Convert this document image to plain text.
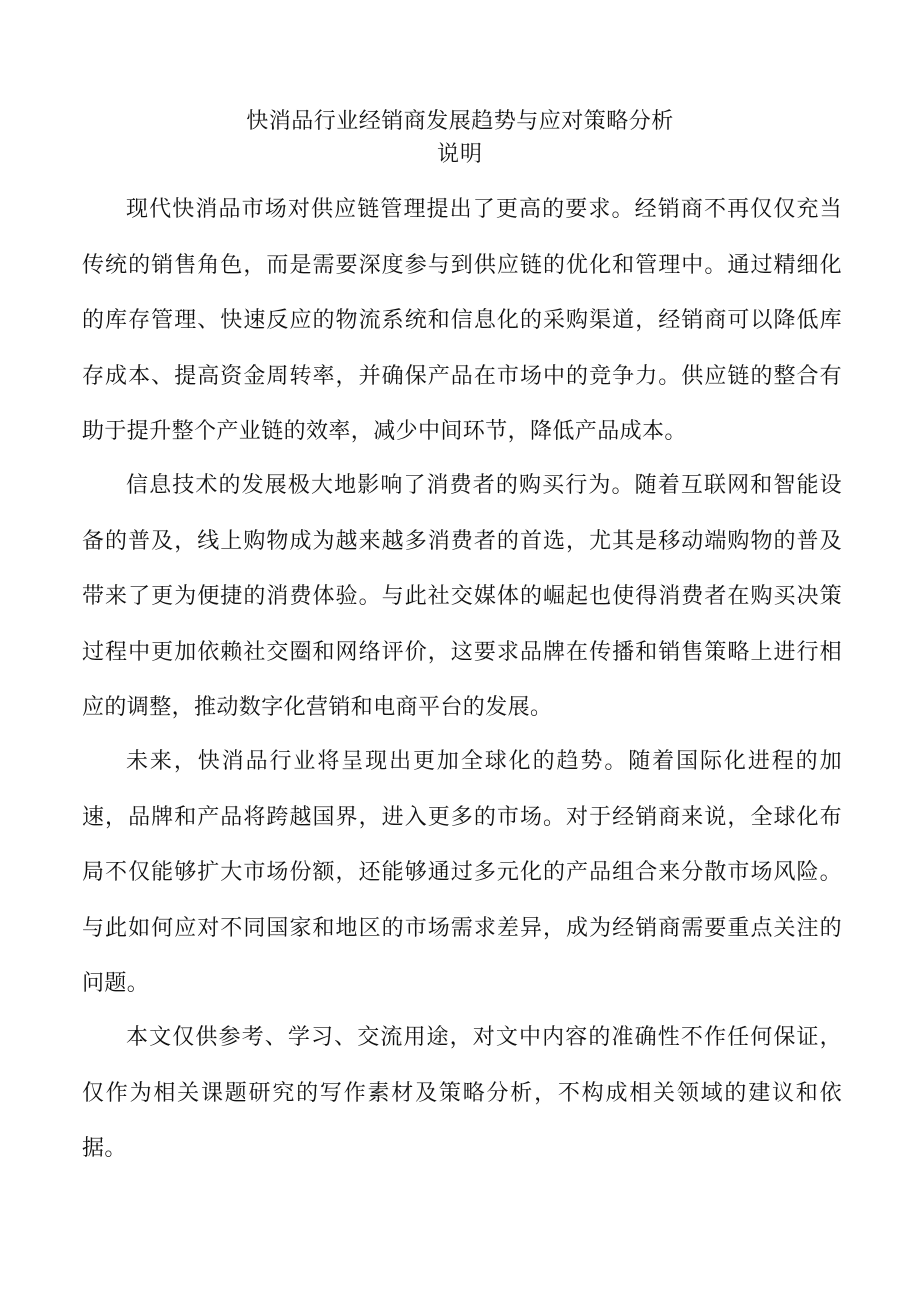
快消品行业经销商发展趋势与应对策略分析
说明

现代快消品市场对供应链管理提出了更高的要求。经销商不再仅仅充当传统的销售角色，而是需要深度参与到供应链的优化和管理中。通过精细化的库存管理、快速反应的物流系统和信息化的采购渠道，经销商可以降低库存成本、提高资金周转率，并确保产品在市场中的竞争力。供应链的整合有助于提升整个产业链的效率，减少中间环节，降低产品成本。

信息技术的发展极大地影响了消费者的购买行为。随着互联网和智能设备的普及，线上购物成为越来越多消费者的首选，尤其是移动端购物的普及带来了更为便捷的消费体验。与此社交媒体的崛起也使得消费者在购买决策过程中更加依赖社交圈和网络评价，这要求品牌在传播和销售策略上进行相应的调整，推动数字化营销和电商平台的发展。

未来，快消品行业将呈现出更加全球化的趋势。随着国际化进程的加速，品牌和产品将跨越国界，进入更多的市场。对于经销商来说，全球化布局不仅能够扩大市场份额，还能够通过多元化的产品组合来分散市场风险。与此如何应对不同国家和地区的市场需求差异，成为经销商需要重点关注的问题。

本文仅供参考、学习、交流用途，对文中内容的准确性不作任何保证，仅作为相关课题研究的写作素材及策略分析，不构成相关领域的建议和依据。
